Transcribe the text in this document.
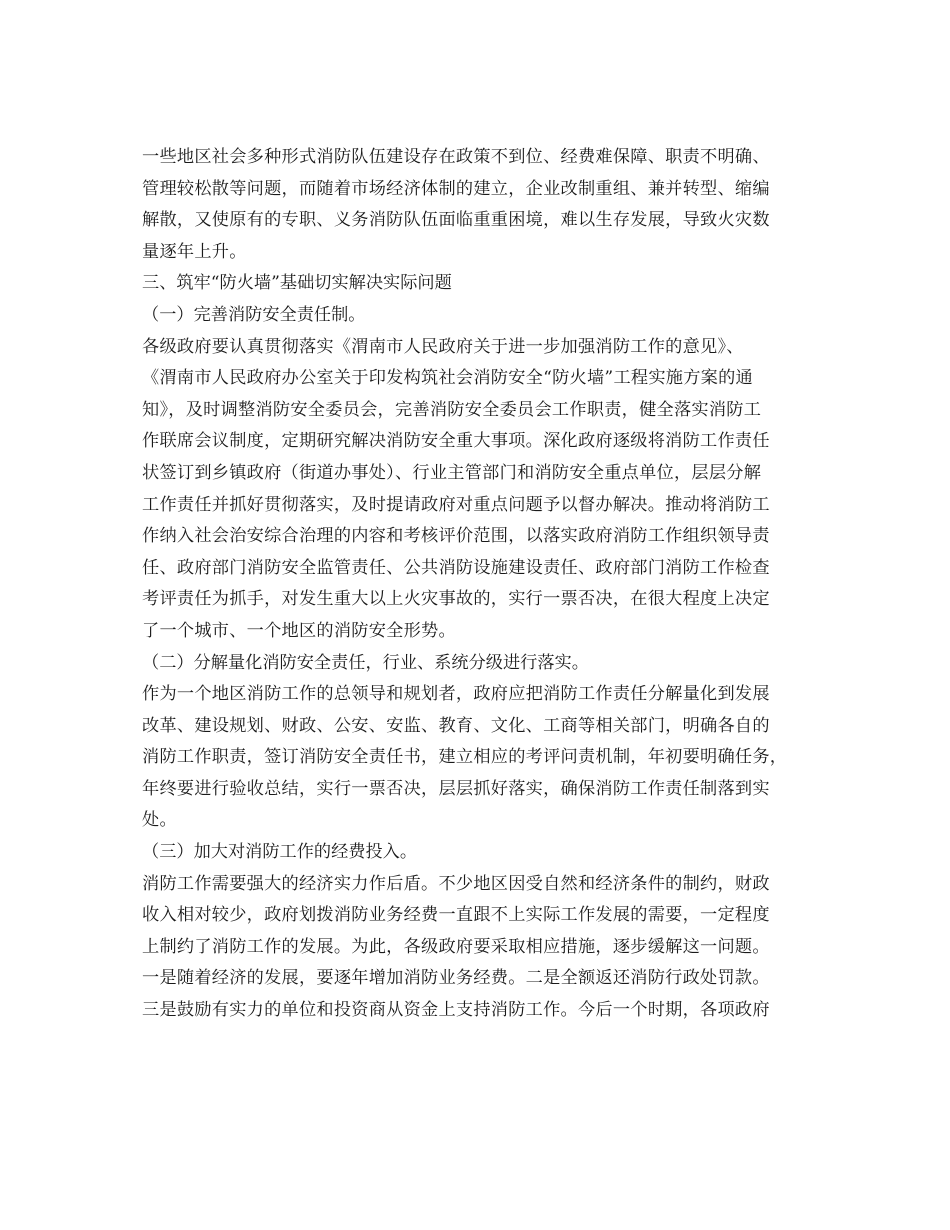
一些地区社会多种形式消防队伍建设存在政策不到位、经费难保障、职责不明确、
管理较松散等问题，而随着市场经济体制的建立，企业改制重组、兼并转型、缩编
解散，又使原有的专职、义务消防队伍面临重重困境，难以生存发展，导致火灾数
量逐年上升。
三、筑牢“防火墙”基础切实解决实际问题
（一）完善消防安全责任制。
各级政府要认真贯彻落实《渭南市人民政府关于进一步加强消防工作的意见》、
《渭南市人民政府办公室关于印发构筑社会消防安全“防火墙”工程实施方案的通
知》，及时调整消防安全委员会，完善消防安全委员会工作职责，健全落实消防工
作联席会议制度，定期研究解决消防安全重大事项。深化政府逐级将消防工作责任
状签订到乡镇政府（街道办事处）、行业主管部门和消防安全重点单位，层层分解
工作责任并抓好贯彻落实，及时提请政府对重点问题予以督办解决。推动将消防工
作纳入社会治安综合治理的内容和考核评价范围，以落实政府消防工作组织领导责
任、政府部门消防安全监管责任、公共消防设施建设责任、政府部门消防工作检查
考评责任为抓手，对发生重大以上火灾事故的，实行一票否决，在很大程度上决定
了一个城市、一个地区的消防安全形势。
（二）分解量化消防安全责任，行业、系统分级进行落实。
作为一个地区消防工作的总领导和规划者，政府应把消防工作责任分解量化到发展
改革、建设规划、财政、公安、安监、教育、文化、工商等相关部门，明确各自的
消防工作职责，签订消防安全责任书，建立相应的考评问责机制，年初要明确任务，
年终要进行验收总结，实行一票否决，层层抓好落实，确保消防工作责任制落到实
处。
（三）加大对消防工作的经费投入。
消防工作需要强大的经济实力作后盾。不少地区因受自然和经济条件的制约，财政
收入相对较少，政府划拨消防业务经费一直跟不上实际工作发展的需要，一定程度
上制约了消防工作的发展。为此，各级政府要采取相应措施，逐步缓解这一问题。
一是随着经济的发展，要逐年增加消防业务经费。二是全额返还消防行政处罚款。
三是鼓励有实力的单位和投资商从资金上支持消防工作。今后一个时期，各项政府
